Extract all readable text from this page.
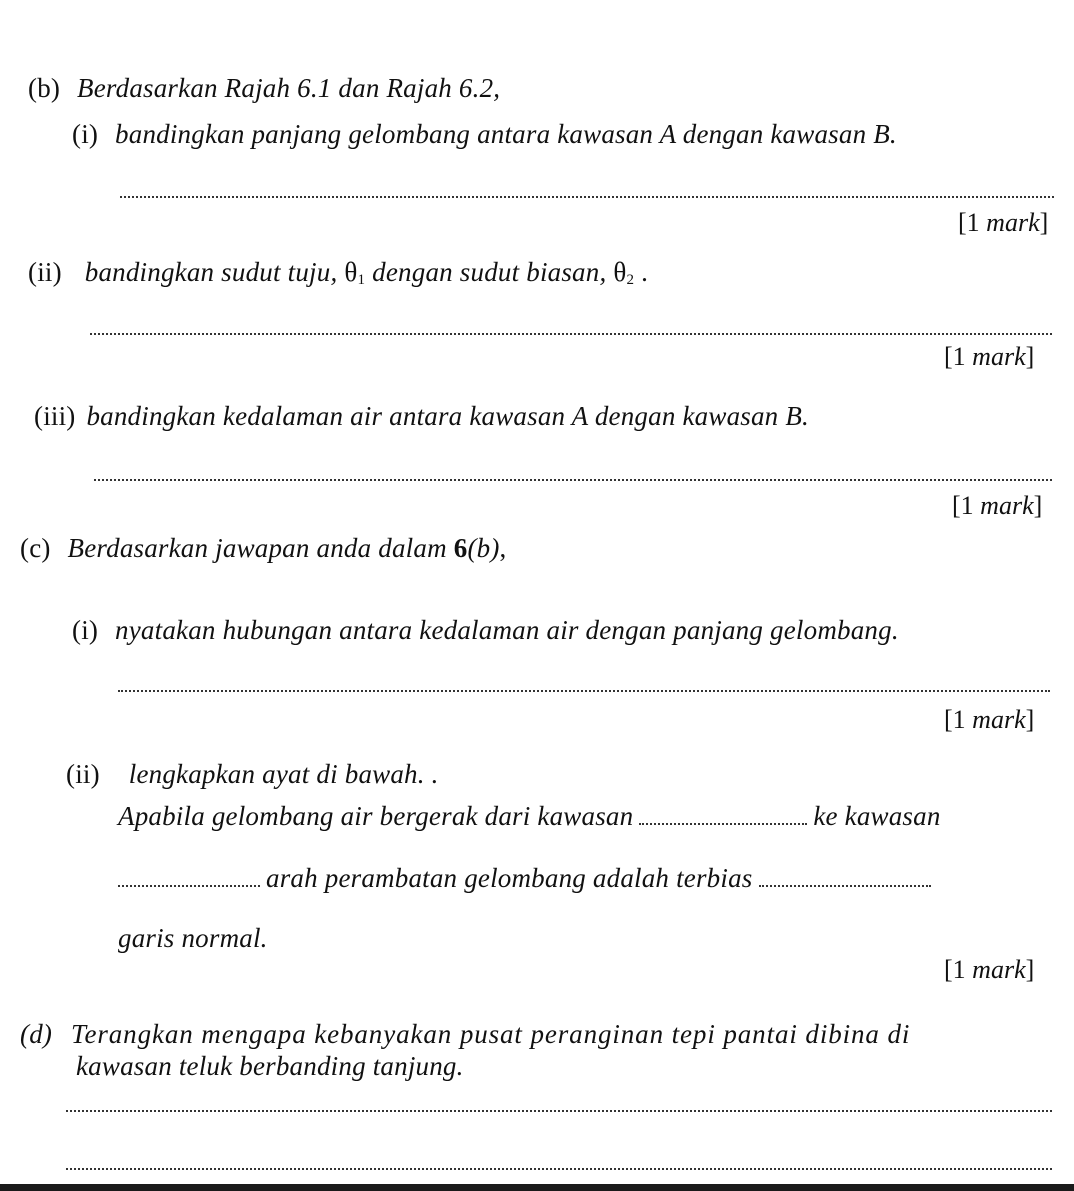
(b) Berdasarkan Rajah 6.1 dan Rajah 6.2,
(i) bandingkan panjang gelombang antara kawasan A dengan kawasan B.
[1 mark]
(ii) bandingkan sudut tuju, $\theta_1$ dengan sudut biasan, $\theta_2$ .
[1 mark]
(iii) bandingkan kedalaman air antara kawasan A dengan kawasan B.
[1 mark]
(c) Berdasarkan jawapan anda dalam 6(b),
(i) nyatakan hubungan antara kedalaman air dengan panjang gelombang.
[1 mark]
(ii) lengkapkan ayat di bawah. .
Apabila gelombang air bergerak dari kawasan	ke kawasan
arah perambatan gelombang adalah terbias
garis normal.
[1 mark]
(d) Terangkan mengapa kebanyakan pusat peranginan tepi pantai dibina di
kawasan teluk berbanding tanjung.
